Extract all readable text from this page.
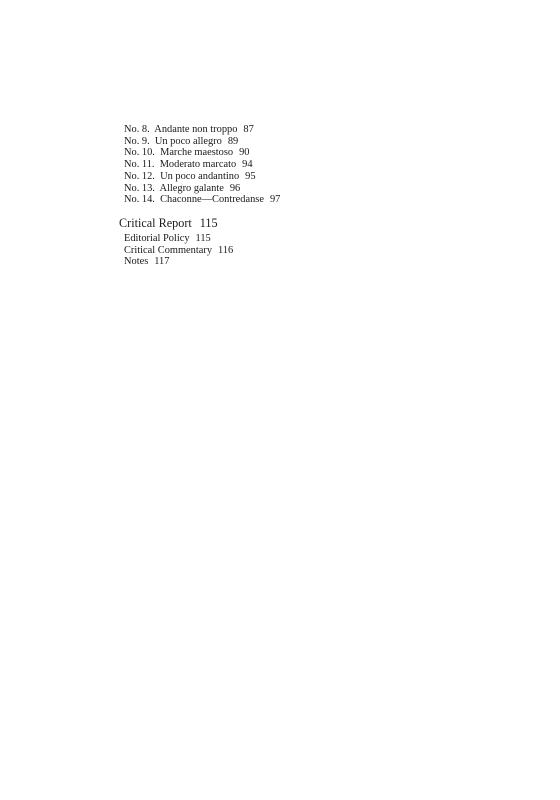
No. 8.  Andante non troppo 87
No. 9.  Un poco allegro 89
No. 10.  Marche maestoso 90
No. 11.  Moderato marcato 94
No. 12.  Un poco andantino 95
No. 13.  Allegro galante 96
No. 14.  Chaconne—Contredanse 97
Critical Report 115
Editorial Policy 115
Critical Commentary 116
Notes 117
